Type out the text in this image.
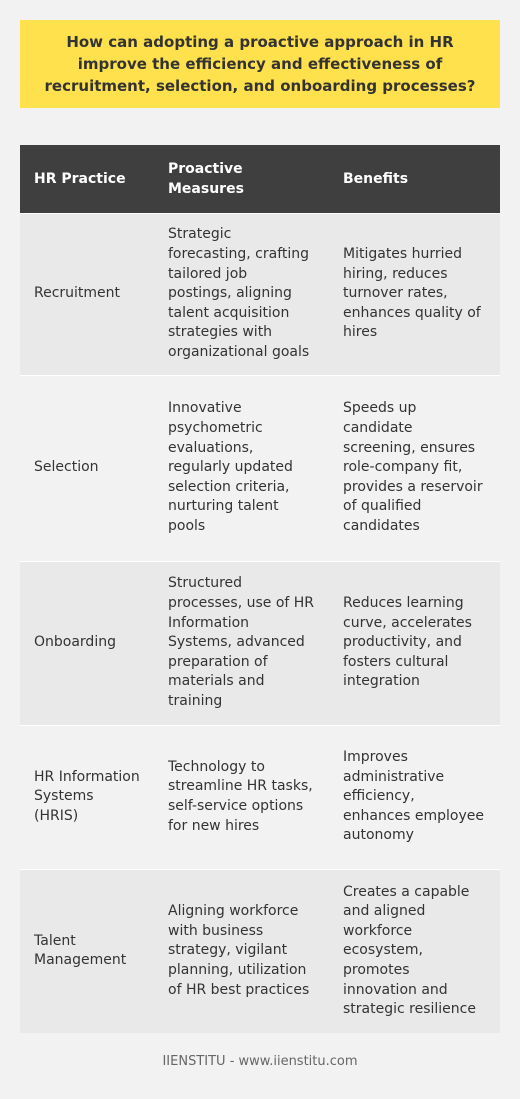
How can adopting a proactive approach in HR improve the efficiency and effectiveness of recruitment, selection, and onboarding processes?
HR Practice	Proactive Measures	Benefits
Recruitment	Strategic forecasting, crafting tailored job postings, aligning talent acquisition strategies with organizational goals	Mitigates hurried hiring, reduces turnover rates, enhances quality of hires
Selection	Innovative psychometric evaluations, regularly updated selection criteria, nurturing talent pools	Speeds up candidate screening, ensures role-company fit, provides a reservoir of qualified candidates
Onboarding	Structured processes, use of HR Information Systems, advanced preparation of materials and training	Reduces learning curve, accelerates productivity, and fosters cultural integration
HR Information Systems (HRIS)	Technology to streamline HR tasks, self-service options for new hires	Improves administrative efficiency, enhances employee autonomy
Talent Management	Aligning workforce with business strategy, vigilant planning, utilization of HR best practices	Creates a capable and aligned workforce ecosystem, promotes innovation and strategic resilience
IIENSTITU - www.iienstitu.com
